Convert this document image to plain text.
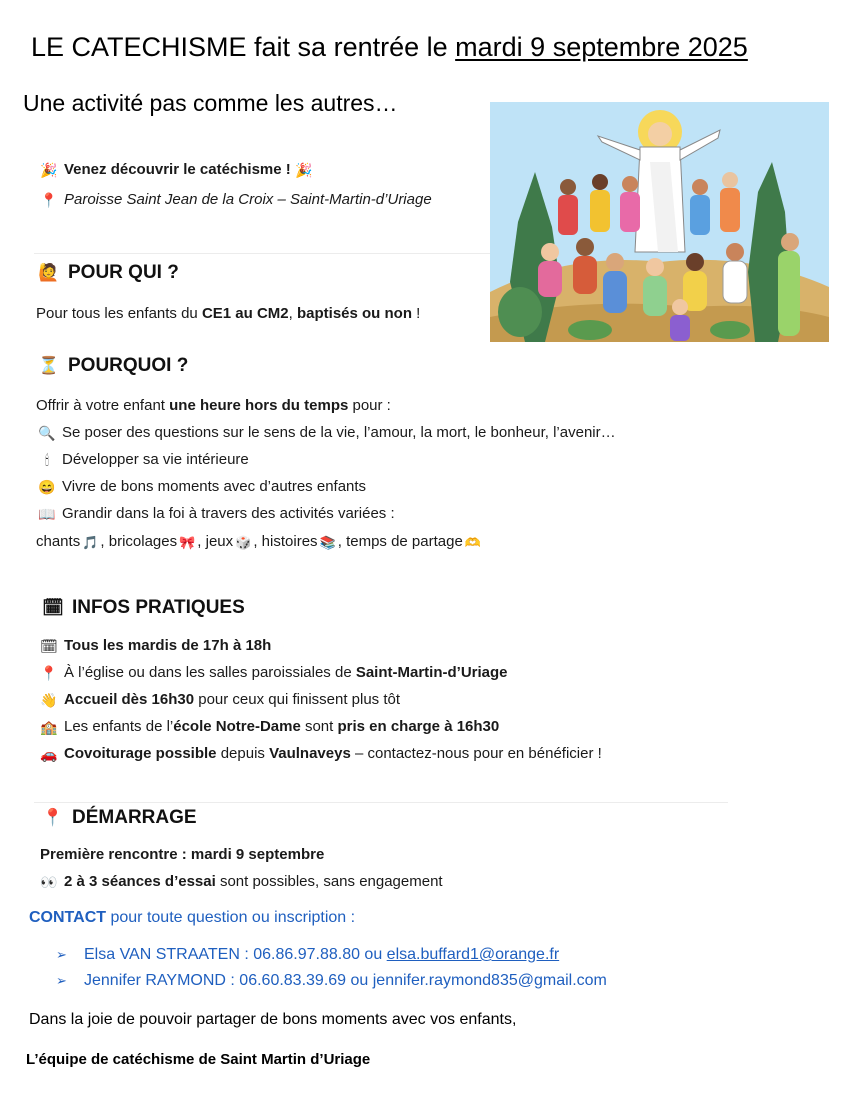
LE CATECHISME fait sa rentrée le mardi 9 septembre 2025
Une activité pas comme les autres…
🎉 Venez découvrir le catéchisme ! 🎉
📍 Paroisse Saint Jean de la Croix – Saint-Martin-d’Uriage
🙋 POUR QUI ?
Pour tous les enfants du CE1 au CM2, baptisés ou non !
⏳ POURQUOI ?
Offrir à votre enfant une heure hors du temps pour :
🔍 Se poser des questions sur le sens de la vie, l’amour, la mort, le bonheur, l’avenir…
🕯 Développer sa vie intérieure
😄 Vivre de bons moments avec d’autres enfants
📖 Grandir dans la foi à travers des activités variées :
chants 🎵 , bricolages 🎀 , jeux 🎲 , histoires 📚 , temps de partage 🫶
🗓 INFOS PRATIQUES
🗓 Tous les mardis de 17h à 18h
📍 À l’église ou dans les salles paroissiales de Saint-Martin-d’Uriage
👋 Accueil dès 16h30 pour ceux qui finissent plus tôt
🏫 Les enfants de l’école Notre-Dame sont pris en charge à 16h30
🚗 Covoiturage possible depuis Vaulnaveys – contactez-nous pour en bénéficier !
📍 DÉMARRAGE
Première rencontre : mardi 9 septembre
👀 2 à 3 séances d’essai sont possibles, sans engagement
CONTACT pour toute question ou inscription :
➢ Elsa VAN STRAATEN : 06.86.97.88.80 ou elsa.buffard1@orange.fr
➢ Jennifer RAYMOND : 06.60.83.39.69 ou jennifer.raymond835@gmail.com
Dans la joie de pouvoir partager de bons moments avec vos enfants,
L’équipe de catéchisme de Saint Martin d’Uriage
